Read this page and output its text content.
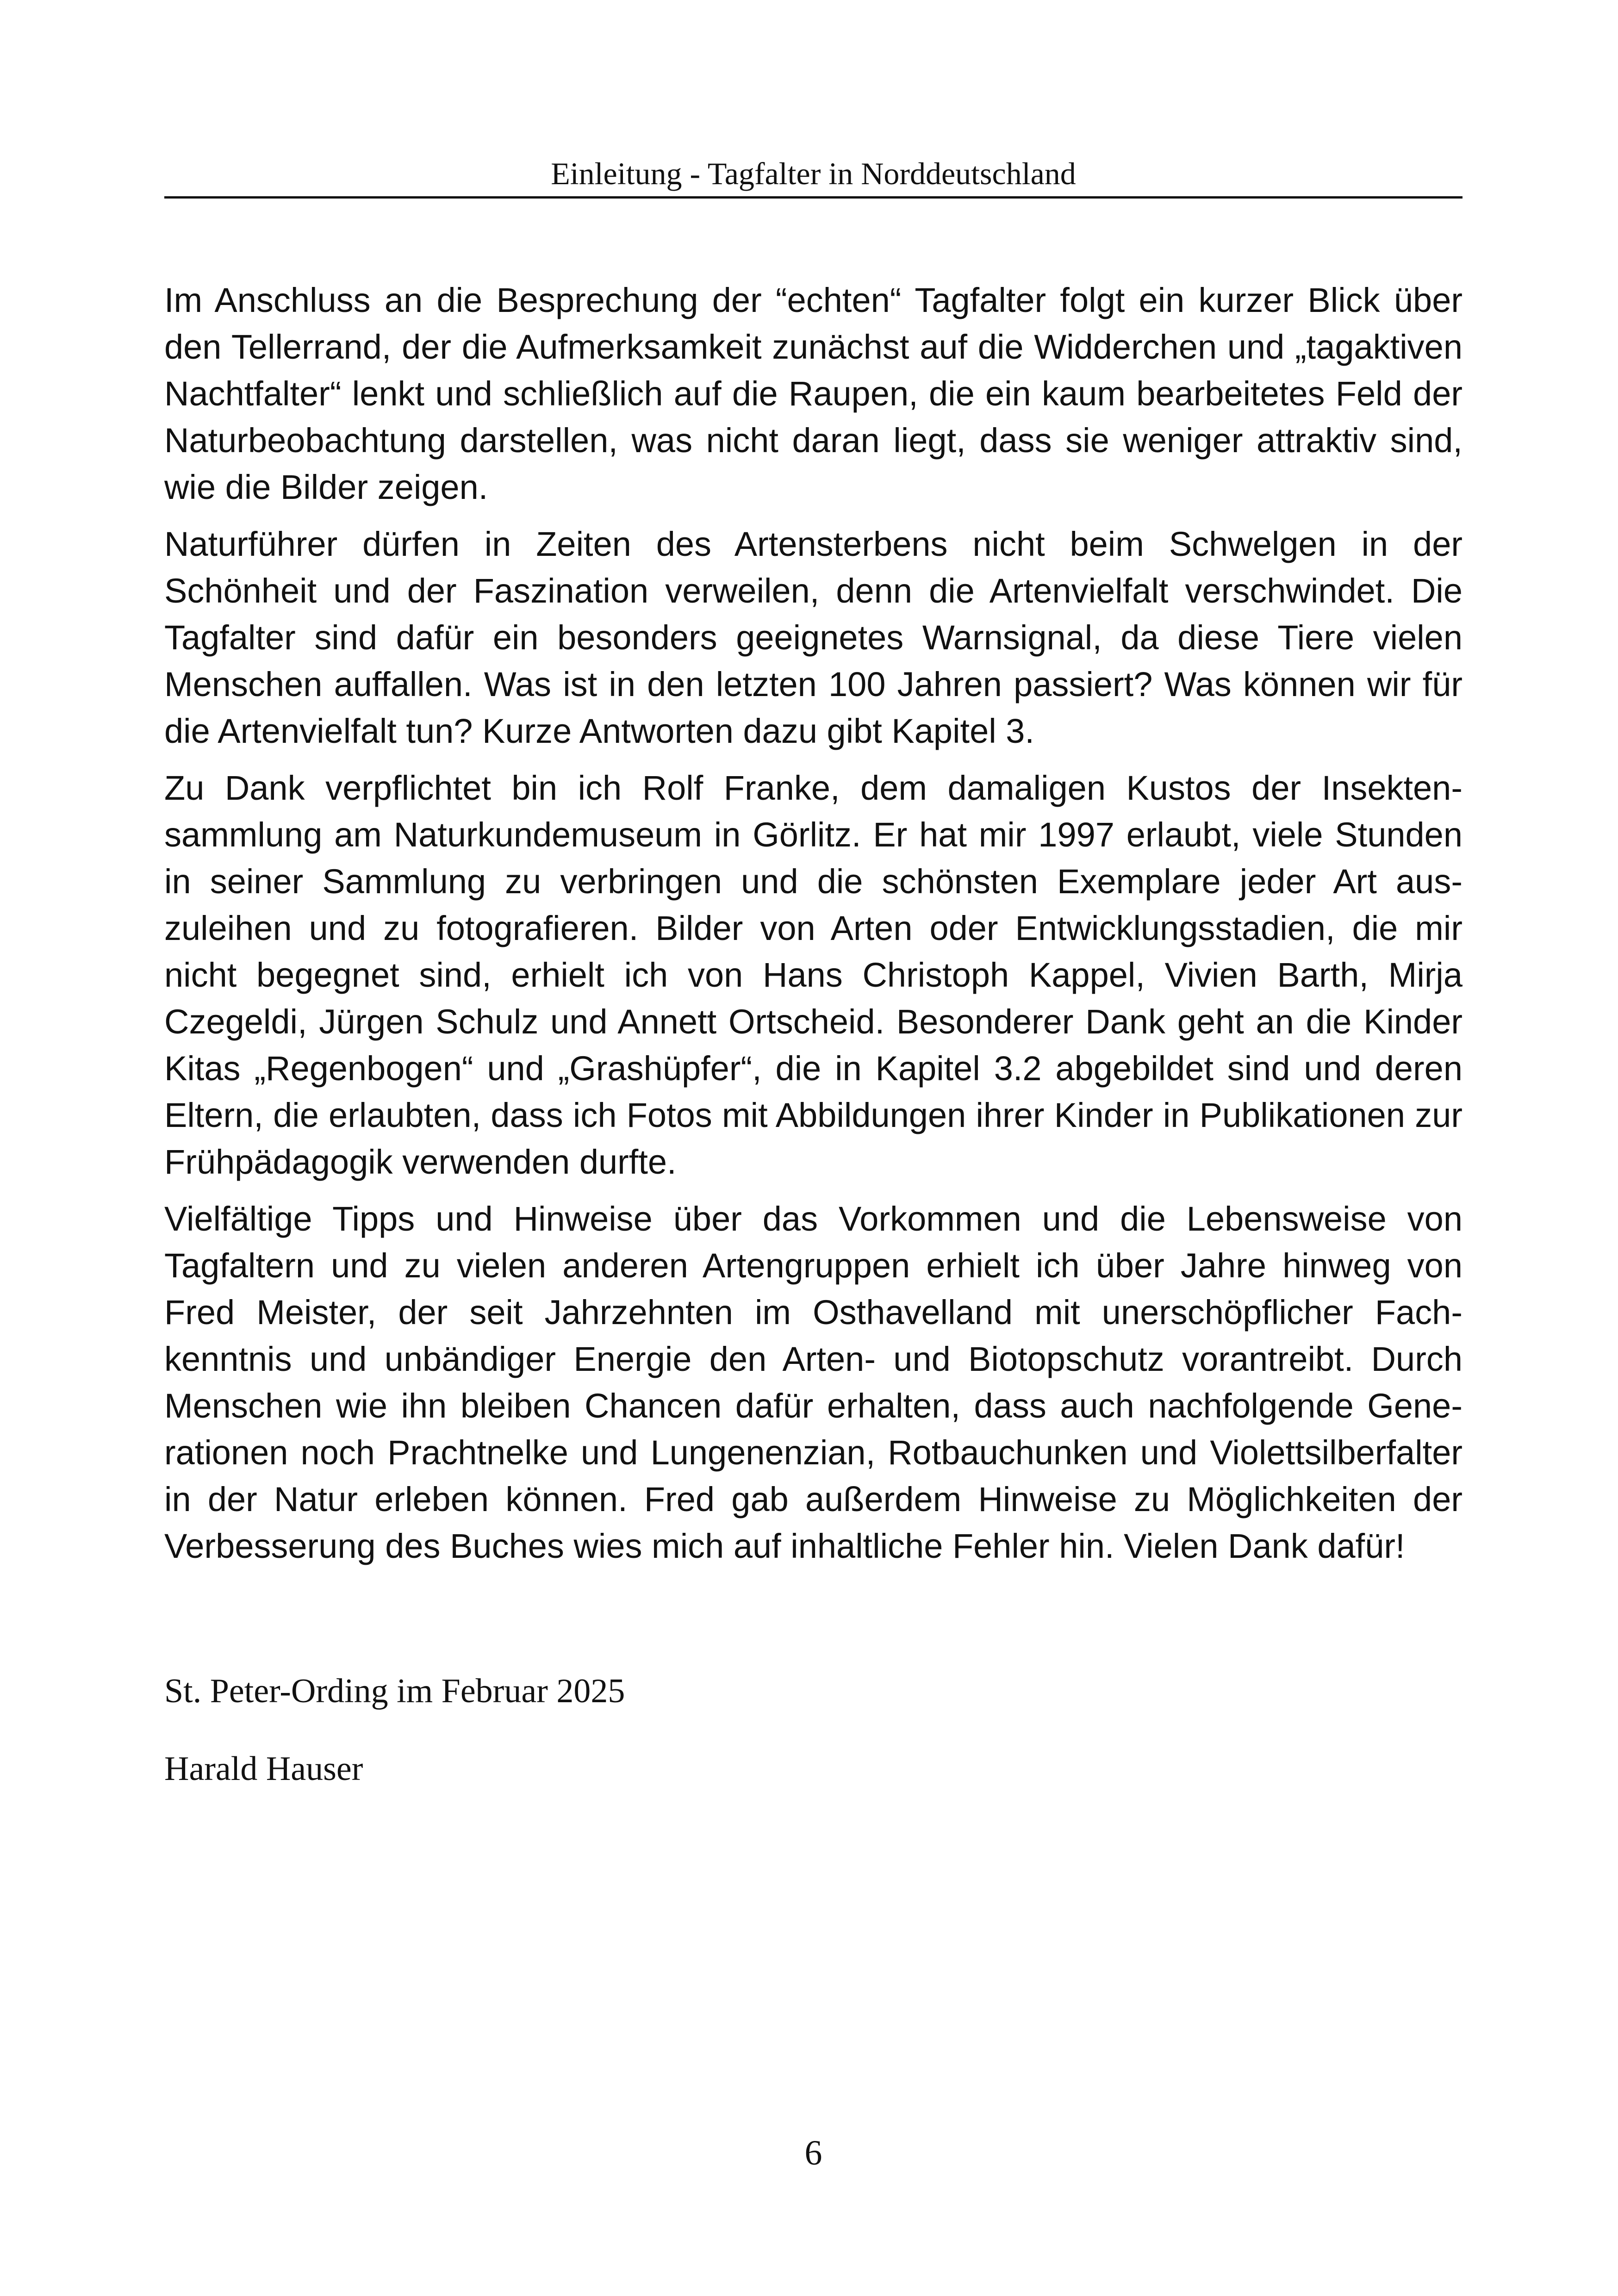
Einleitung - Tagfalter in Norddeutschland

Im Anschluss an die Besprechung der “echten“ Tagfalter folgt ein kurzer Blick über den Tellerrand, der die Aufmerksamkeit zunächst auf die Widderchen und „tagaktiven Nachtfalter“ lenkt und schließlich auf die Raupen, die ein kaum bearbeitetes Feld der Naturbeobachtung darstellen, was nicht daran liegt, dass sie weniger attraktiv sind, wie die Bilder zeigen.

Naturführer dürfen in Zeiten des Artensterbens nicht beim Schwelgen in der Schönheit und der Faszination verweilen, denn die Artenvielfalt verschwindet. Die Tagfalter sind dafür ein besonders geeignetes Warnsignal, da diese Tiere vielen Menschen auffallen. Was ist in den letzten 100 Jahren passiert? Was können wir für die Artenvielfalt tun? Kurze Antworten dazu gibt Kapitel 3.

Zu Dank verpflichtet bin ich Rolf Franke, dem damaligen Kustos der Insektensammlung am Naturkundemuseum in Görlitz. Er hat mir 1997 erlaubt, viele Stunden in seiner Sammlung zu verbringen und die schönsten Exemplare jeder Art auszuleihen und zu fotografieren. Bilder von Arten oder Entwicklungsstadien, die mir nicht begegnet sind, erhielt ich von Hans Christoph Kappel, Vivien Barth, Mirja Czegeldi, Jürgen Schulz und Annett Ortscheid. Besonderer Dank geht an die Kinder Kitas „Regenbogen“ und „Grashüpfer“, die in Kapitel 3.2 abgebildet sind und deren Eltern, die erlaubten, dass ich Fotos mit Abbildungen ihrer Kinder in Publikationen zur Frühpädagogik verwenden durfte.

Vielfältige Tipps und Hinweise über das Vorkommen und die Lebensweise von Tagfaltern und zu vielen anderen Artengruppen erhielt ich über Jahre hinweg von Fred Meister, der seit Jahrzehnten im Osthavelland mit unerschöpflicher Fachkenntnis und unbändiger Energie den Arten- und Biotopschutz vorantreibt. Durch Menschen wie ihn bleiben Chancen dafür erhalten, dass auch nachfolgende Generationen noch Prachtnelke und Lungenenzian, Rotbauchunken und Violettsilberfalter in der Natur erleben können. Fred gab außerdem Hinweise zu Möglichkeiten der Verbesserung des Buches wies mich auf inhaltliche Fehler hin. Vielen Dank dafür!

St. Peter-Ording im Februar 2025
Harald Hauser
6
